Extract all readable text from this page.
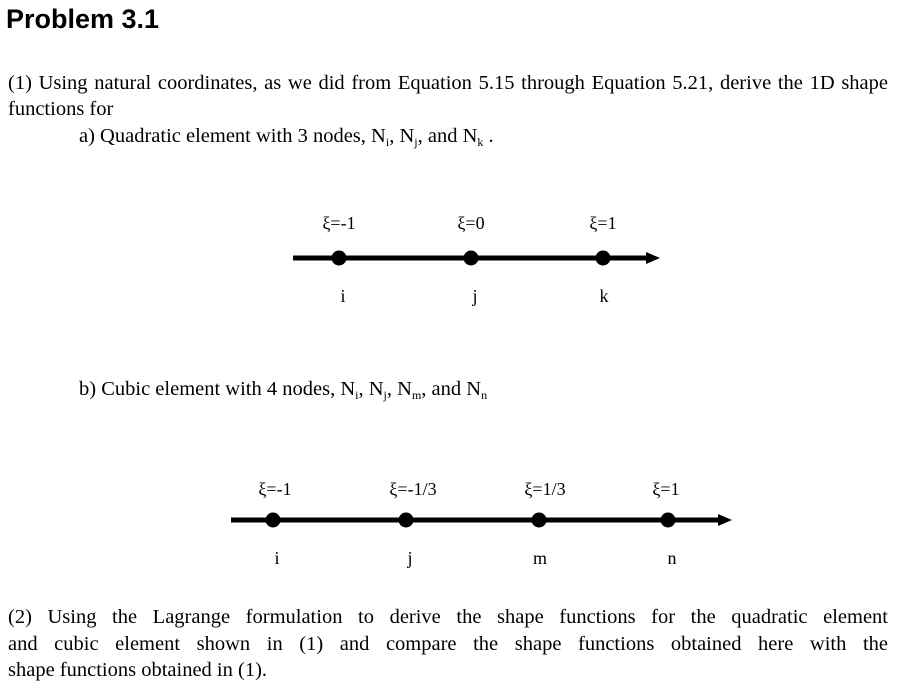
Problem 3.1
(1) Using natural coordinates, as we did from Equation 5.15 through Equation 5.21, derive the 1D shape functions for
a) Quadratic element with 3 nodes, $N_i$, $N_j$, and $N_k$ .
ξ=-1	ξ=0	ξ=1
i	j	k
ξ=-1	ξ=-1/3	ξ=1/3	ξ=1
i	j	m	n
b) Cubic element with 4 nodes, $N_i$, $N_j$, $N_m$, and $N_n$
(2) Using the Lagrange formulation to derive the shape functions for the quadratic element
and cubic element shown in (1) and compare the shape functions obtained here with the
shape functions obtained in (1).
